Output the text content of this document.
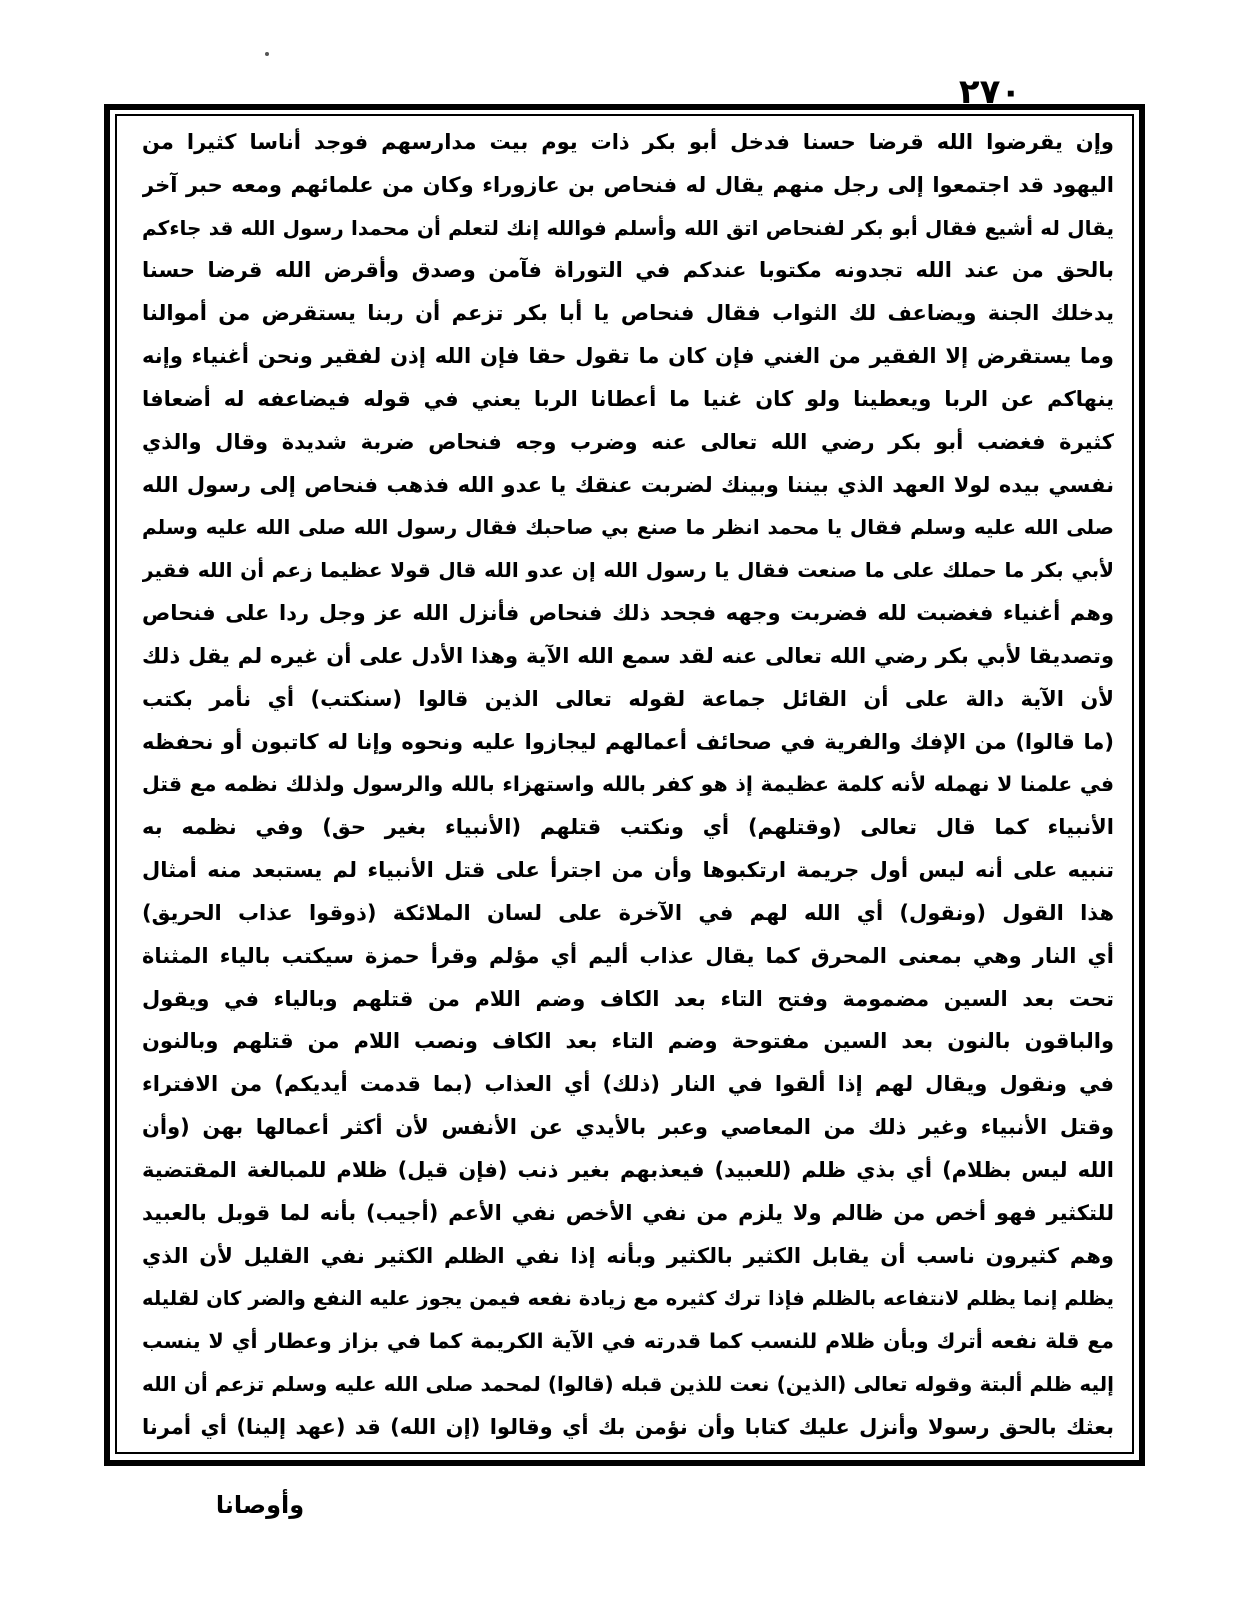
٢٧٠
وإن يقرضوا الله قرضا حسنا فدخل أبو بكر ذات يوم بيت مدارسهم فوجد أناسا كثيرا من
اليهود قد اجتمعوا إلى رجل منهم يقال له فنحاص بن عازوراء وكان من علمائهم ومعه حبر آخر
يقال له أشيع فقال أبو بكر لفنحاص اتق الله وأسلم فوالله إنك لتعلم أن محمدا رسول الله قد جاءكم
بالحق من عند الله تجدونه مكتوبا عندكم في التوراة فآمن وصدق وأقرض الله قرضا حسنا
يدخلك الجنة ويضاعف لك الثواب فقال فنحاص يا أبا بكر تزعم أن ربنا يستقرض من أموالنا
وما يستقرض إلا الفقير من الغني فإن كان ما تقول حقا فإن الله إذن لفقير ونحن أغنياء وإنه
ينهاكم عن الربا ويعطينا ولو كان غنيا ما أعطانا الربا يعني في قوله فيضاعفه له أضعافا
كثيرة فغضب أبو بكر رضي الله تعالى عنه وضرب وجه فنحاص ضربة شديدة وقال والذي
نفسي بيده لولا العهد الذي بيننا وبينك لضربت عنقك يا عدو الله فذهب فنحاص إلى رسول الله
صلى الله عليه وسلم فقال يا محمد انظر ما صنع بي صاحبك فقال رسول الله صلى الله عليه وسلم
لأبي بكر ما حملك على ما صنعت فقال يا رسول الله إن عدو الله قال قولا عظيما زعم أن الله فقير
وهم أغنياء فغضبت لله فضربت وجهه فجحد ذلك فنحاص فأنزل الله عز وجل ردا على فنحاص
وتصديقا لأبي بكر رضي الله تعالى عنه لقد سمع الله الآية وهذا الأدل على أن غيره لم يقل ذلك
لأن الآية دالة على أن القائل جماعة لقوله تعالى الذين قالوا (سنكتب) أي نأمر بكتب
(ما قالوا) من الإفك والفرية في صحائف أعمالهم ليجازوا عليه ونحوه وإنا له كاتبون أو نحفظه
في علمنا لا نهمله لأنه كلمة عظيمة إذ هو كفر بالله واستهزاء بالله والرسول ولذلك نظمه مع قتل
الأنبياء كما قال تعالى (وقتلهم) أي ونكتب قتلهم (الأنبياء بغير حق) وفي نظمه به
تنبيه على أنه ليس أول جريمة ارتكبوها وأن من اجترأ على قتل الأنبياء لم يستبعد منه أمثال
هذا القول (ونقول) أي الله لهم في الآخرة على لسان الملائكة (ذوقوا عذاب الحريق)
أي النار وهي بمعنى المحرق كما يقال عذاب أليم أي مؤلم وقرأ حمزة سيكتب بالياء المثناة
تحت بعد السين مضمومة وفتح التاء بعد الكاف وضم اللام من قتلهم وبالياء في ويقول
والباقون بالنون بعد السين مفتوحة وضم التاء بعد الكاف ونصب اللام من قتلهم وبالنون
في ونقول ويقال لهم إذا ألقوا في النار (ذلك) أي العذاب (بما قدمت أيديكم) من الافتراء
وقتل الأنبياء وغير ذلك من المعاصي وعبر بالأيدي عن الأنفس لأن أكثر أعمالها بهن (وأن
الله ليس بظلام) أي بذي ظلم (للعبيد) فيعذبهم بغير ذنب (فإن قيل) ظلام للمبالغة المقتضية
للتكثير فهو أخص من ظالم ولا يلزم من نفي الأخص نفي الأعم (أجيب) بأنه لما قوبل بالعبيد
وهم كثيرون ناسب أن يقابل الكثير بالكثير وبأنه إذا نفي الظلم الكثير نفي القليل لأن الذي
يظلم إنما يظلم لانتفاعه بالظلم فإذا ترك كثيره مع زيادة نفعه فيمن يجوز عليه النفع والضر كان لقليله
مع قلة نفعه أترك وبأن ظلام للنسب كما قدرته في الآية الكريمة كما في بزاز وعطار أي لا ينسب
إليه ظلم ألبتة وقوله تعالى (الذين) نعت للذين قبله (قالوا) لمحمد صلى الله عليه وسلم تزعم أن الله
بعثك بالحق رسولا وأنزل عليك كتابا وأن نؤمن بك أي وقالوا (إن الله) قد (عهد إلينا) أي أمرنا
وأوصانا
